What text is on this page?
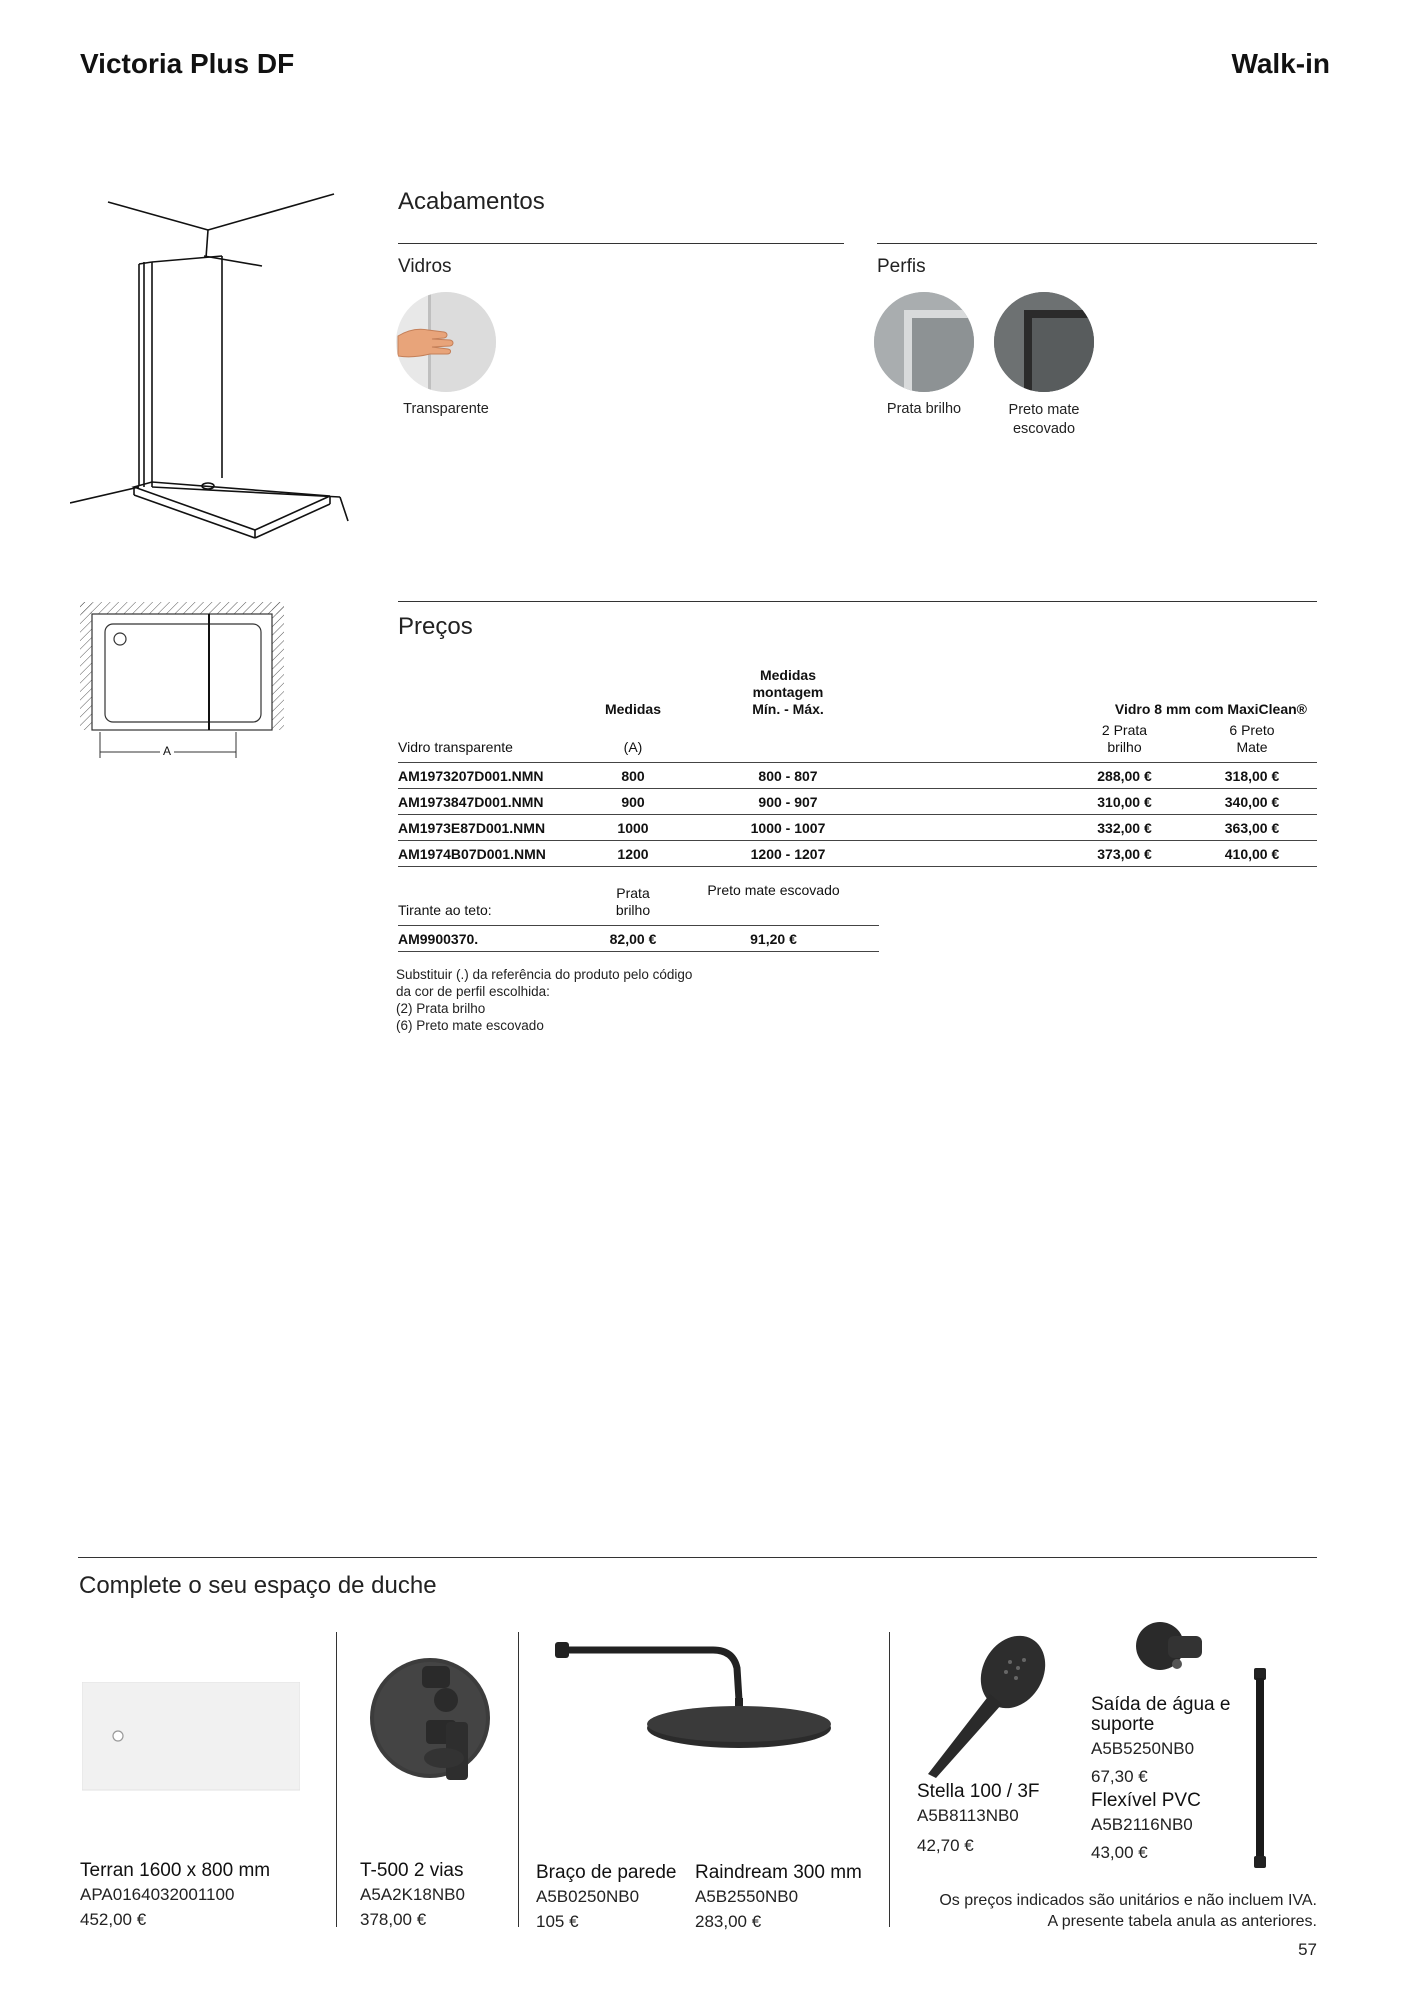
Victoria Plus DF	Walk-in
Acabamentos
Vidros	Perfis
Transparente	Prata brilho	Preto mate escovado
A
Preços
	Medidas		Medidas montagem Mín. - Máx.		Vidro 8 mm com MaxiClean®	
Vidro transparente	(A)				2 Prata brilho	6 Preto Mate

AM1973207D001.NMN	800		800 - 807		288,00 €	318,00 €
AM1973847D001.NMN	900		900 - 907		310,00 €	340,00 €
AM1973E87D001.NMN	1000		1000 - 1007		332,00 €	363,00 €
AM1974B07D001.NMN	1200		1200 - 1207		373,00 €	410,00 €
Tirante ao teto:	Prata brilho	Preto mate escovado

AM9900370.	82,00 €	91,20 €
Substituir (.) da referência do produto pelo código
da cor de perfil escolhida:
(2) Prata brilho
(6) Preto mate escovado
Complete o seu espaço de duche
Terran 1600 x 800 mm
APA0164032001100
452,00 €
T-500 2 vias
A5A2K18NB0
378,00 €
Braço de parede
A5B0250NB0
105 €
Raindream 300 mm
A5B2550NB0
283,00 €
Stella 100 / 3F
A5B8113NB0
42,70 €
Saída de água e suporte
A5B5250NB0
67,30 €
Flexível PVC
A5B2116NB0
43,00 €
Os preços indicados são unitários e não incluem IVA.
A presente tabela anula as anteriores.
57
